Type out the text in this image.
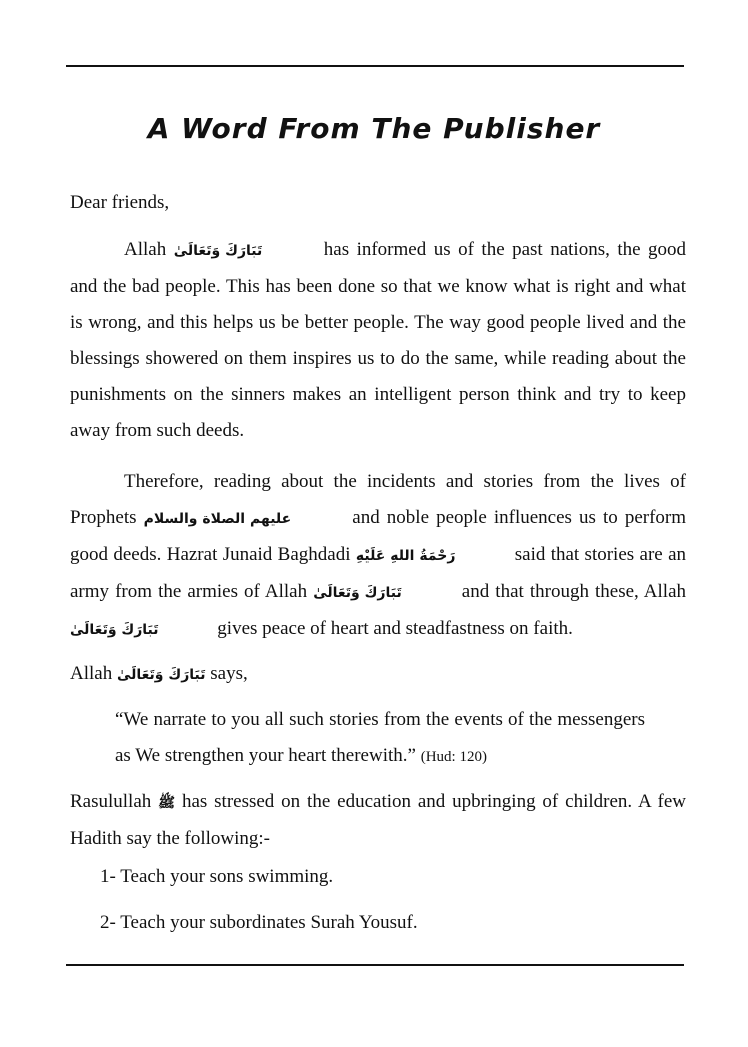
A Word From The Publisher
Dear friends,
Allah تَبَارَكَ وَتَعَالَىٰ	has informed us of the past nations, the good and the bad people. This has been done so that we know what is right and what is wrong, and this helps us be better people. The way good people lived and the blessings showered on them inspires us to do the same, while reading about the punishments on the sinners makes an intelligent person think and try to keep away from such deeds.
Therefore, reading about the incidents and stories from the lives of Prophets عليهم الصلاة والسلام	and noble people influences us to perform good deeds. Hazrat Junaid Baghdadi رَحْمَةُ اللهِ عَلَيْهِ	said that stories are an army from the armies of Allah تَبَارَكَ وَتَعَالَىٰ	and that through these, Allah تَبَارَكَ وَتَعَالَىٰ	gives peace of heart and steadfastness on faith.
Allah تَبَارَكَ وَتَعَالَىٰ says,
“We narrate to you all such stories from the events of the messengers as We strengthen your heart therewith.” (Hud: 120)
Rasulullah ﷺ has stressed on the education and upbringing of children. A few Hadith say the following:-
1- Teach your sons swimming.
2- Teach your subordinates Surah Yousuf.
